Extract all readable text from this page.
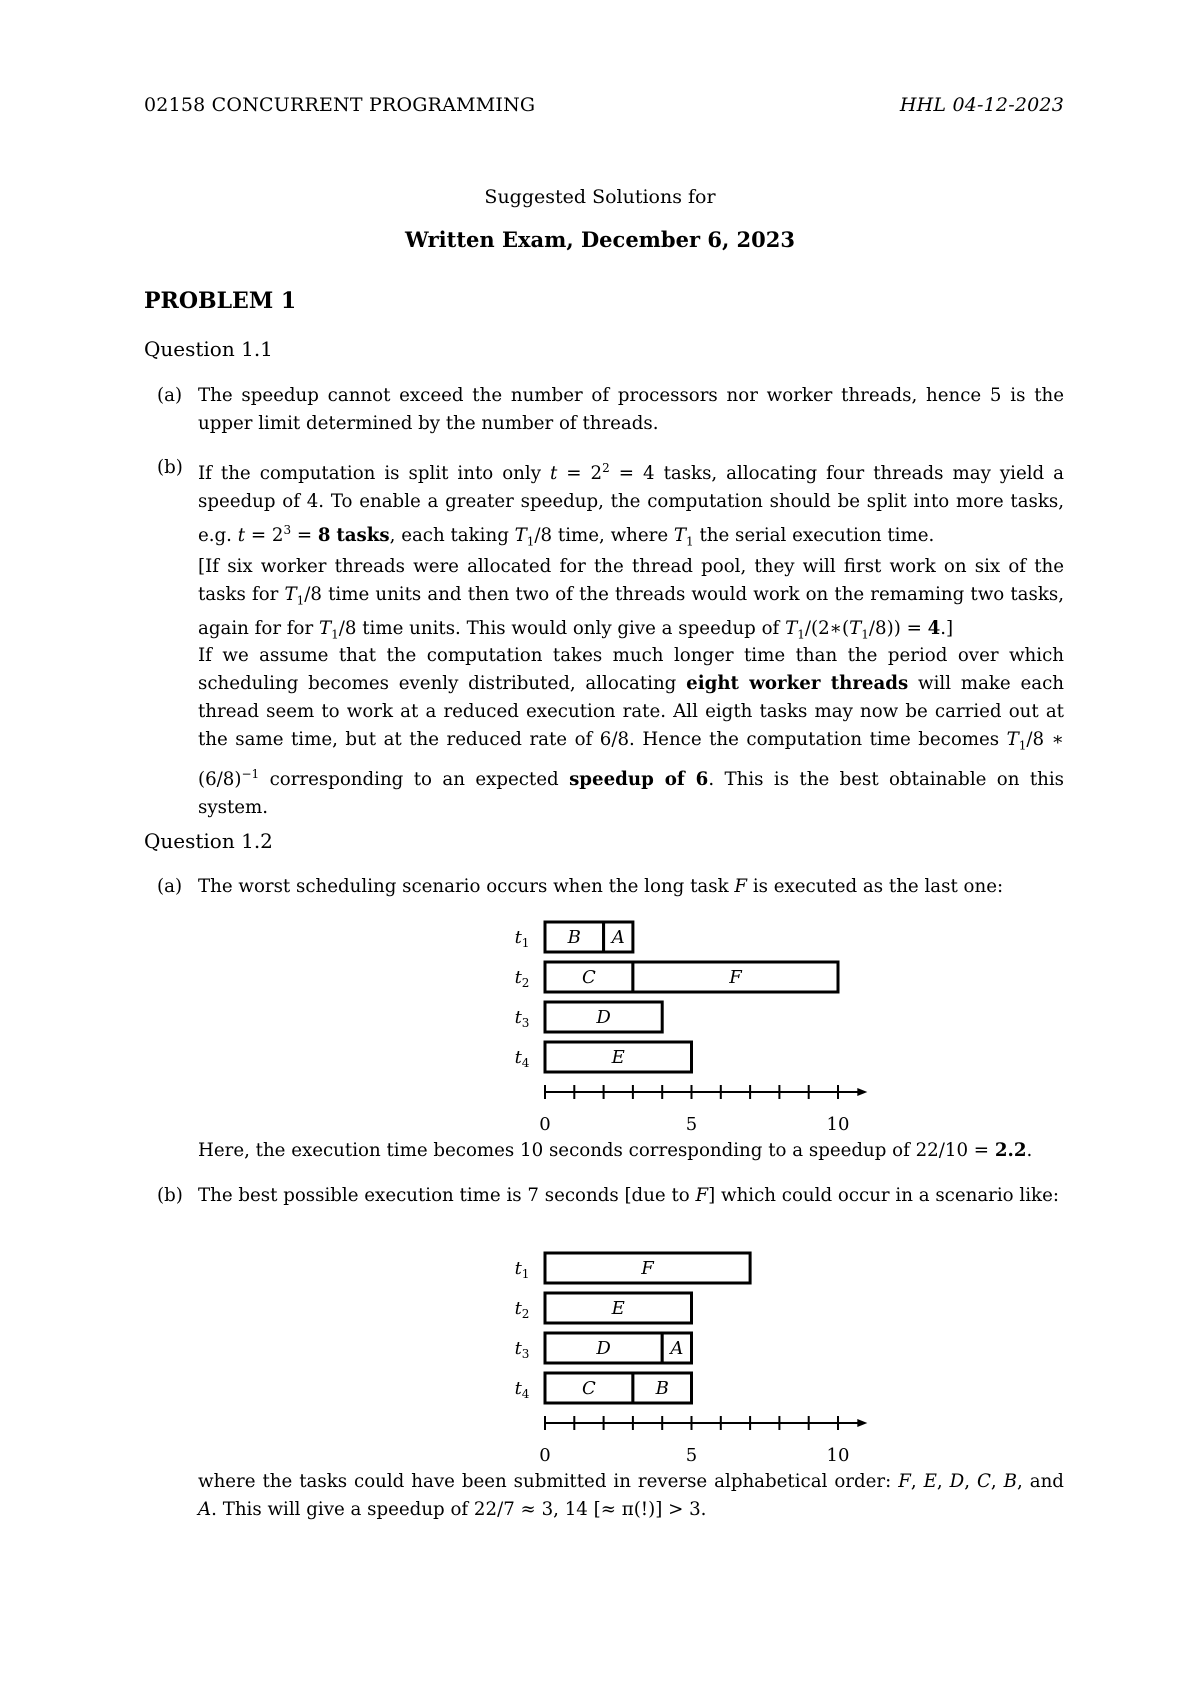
02158 CONCURRENT PROGRAMMING	HHL 04-12-2023
Suggested Solutions for
Written Exam, December 6, 2023
PROBLEM 1
Question 1.1
(a) The speedup cannot exceed the number of processors nor worker threads, hence 5 is the upper limit determined by the number of threads.
(b) If the computation is split into only $t = 2^2 = 4$ tasks, allocating four threads may yield a speedup of 4. To enable a greater speedup, the computation should be split into more tasks, e.g. $t = 2^3 = 8$ tasks, each taking $T_1/8$ time, where $T_1$ the serial execution time.
[If six worker threads were allocated for the thread pool, they will first work on six of the tasks for $T_1/8$ time units and then two of the threads would work on the remaming two tasks, again for for $T_1/8$ time units. This would only give a speedup of $T_1/(2∗(T_1/8)) = 4$.]
If we assume that the computation takes much longer time than the period over which scheduling becomes evenly distributed, allocating eight worker threads will make each thread seem to work at a reduced execution rate. All eigth tasks may now be carried out at the same time, but at the reduced rate of 6/8. Hence the computation time becomes $T_1/8$ ∗ $(6/8)^{-1}$ corresponding to an expected speedup of 6. This is the best obtainable on this system.
Question 1.2
(a) The worst scheduling scenario occurs when the long task F is executed as the last one:
$t_1$
$t_2$
$t_3$
$t_4$
B A
C	F
D
E
0	5	10
Here, the execution time becomes 10 seconds corresponding to a speedup of 22/10 = 2.2.
(b) The best possible execution time is 7 seconds [due to F] which could occur in a scenario like:
$t_1$
$t_2$
$t_3$
$t_4$
F
E
D	A
C	B
0	5	10
where the tasks could have been submitted in reverse alphabetical order: F, E, D, C, B, and A. This will give a speedup of 22/7 ≈ 3, 14 [≈ π(!)] > 3.
